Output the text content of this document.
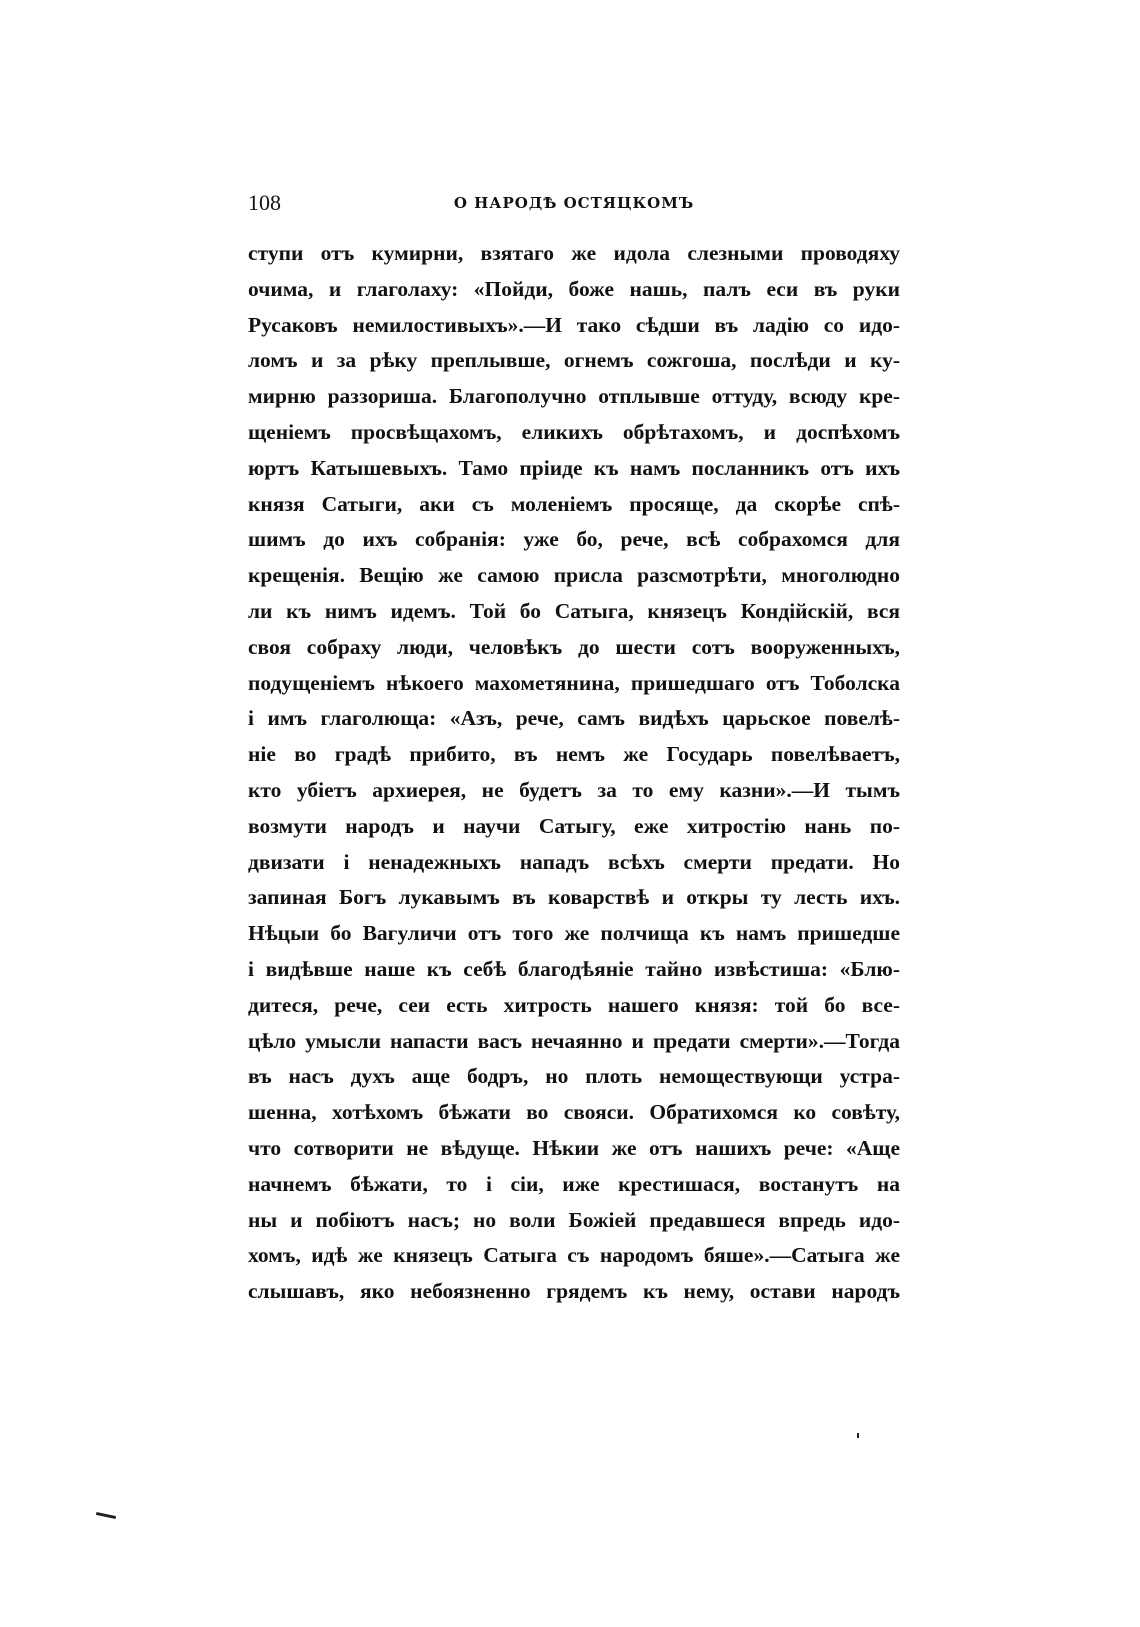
108	О НАРОДѢ ОСТЯЦКОМЪ
ступи отъ кумирни, взятаго же идола слезными проводяху
очима, и глаголаху: «Пойди, боже нашь, палъ еси въ руки
Русаковъ немилостивыхъ».—И тако сѣдши въ ладію со идо-
ломъ и за рѣку преплывше, огнемъ сожгоша, послѣди и ку-
мирню раззориша. Благополучно отплывше оттуду, всюду кре-
щеніемъ просвѣщахомъ, еликихъ обрѣтахомъ, и доспѣхомъ
юртъ Катышевыхъ. Тамо пріиде къ намъ посланникъ отъ ихъ
князя Сатыги, аки съ моленіемъ просяще, да скорѣе спѣ-
шимъ до ихъ собранія: уже бо, рече, всѣ собрахомся для
крещенія. Вещію же самою присла разсмотрѣти, многолюдно
ли къ нимъ идемъ. Той бо Сатыга, князецъ Кондійскій, вся
своя собраху люди, человѣкъ до шести сотъ вооруженныхъ,
подущеніемъ нѣкоего махометянина, пришедшаго отъ Тоболска
і имъ глаголюща: «Азъ, рече, самъ видѣхъ царьское повелѣ-
ніе во градѣ прибито, въ немъ же Государь повелѣваетъ,
кто убіетъ архиерея, не будетъ за то ему казни».—И тымъ
возмути народъ и научи Сатыгу, еже хитростію нань по-
двизати і ненадежныхъ нападъ всѣхъ смерти предати. Но
запиная Богъ лукавымъ въ коварствѣ и откры ту лесть ихъ.
Нѣцыи бо Вагуличи отъ того же полчища къ намъ пришедше
і видѣвше наше къ себѣ благодѣяніе тайно извѣстиша: «Блю-
дитеся, рече, сеи есть хитрость нашего князя: той бо все-
цѣло умысли напасти васъ нечаянно и предати смерти».—Тогда
въ насъ духъ аще бодръ, но плоть немоществующи устра-
шенна, хотѣхомъ бѣжати во свояси. Обратихомся ко совѣту,
что сотворити не вѣдуще. Нѣкии же отъ нашихъ рече: «Аще
начнемъ бѣжати, то і сіи, иже крестишася, востанутъ на
ны и побіютъ насъ; но воли Божіей предавшеся впредь идо-
хомъ, идѣ же князецъ Сатыга съ народомъ бяше».—Сатыга же
слышавъ, яко небоязненно грядемъ къ нему, остави народъ
